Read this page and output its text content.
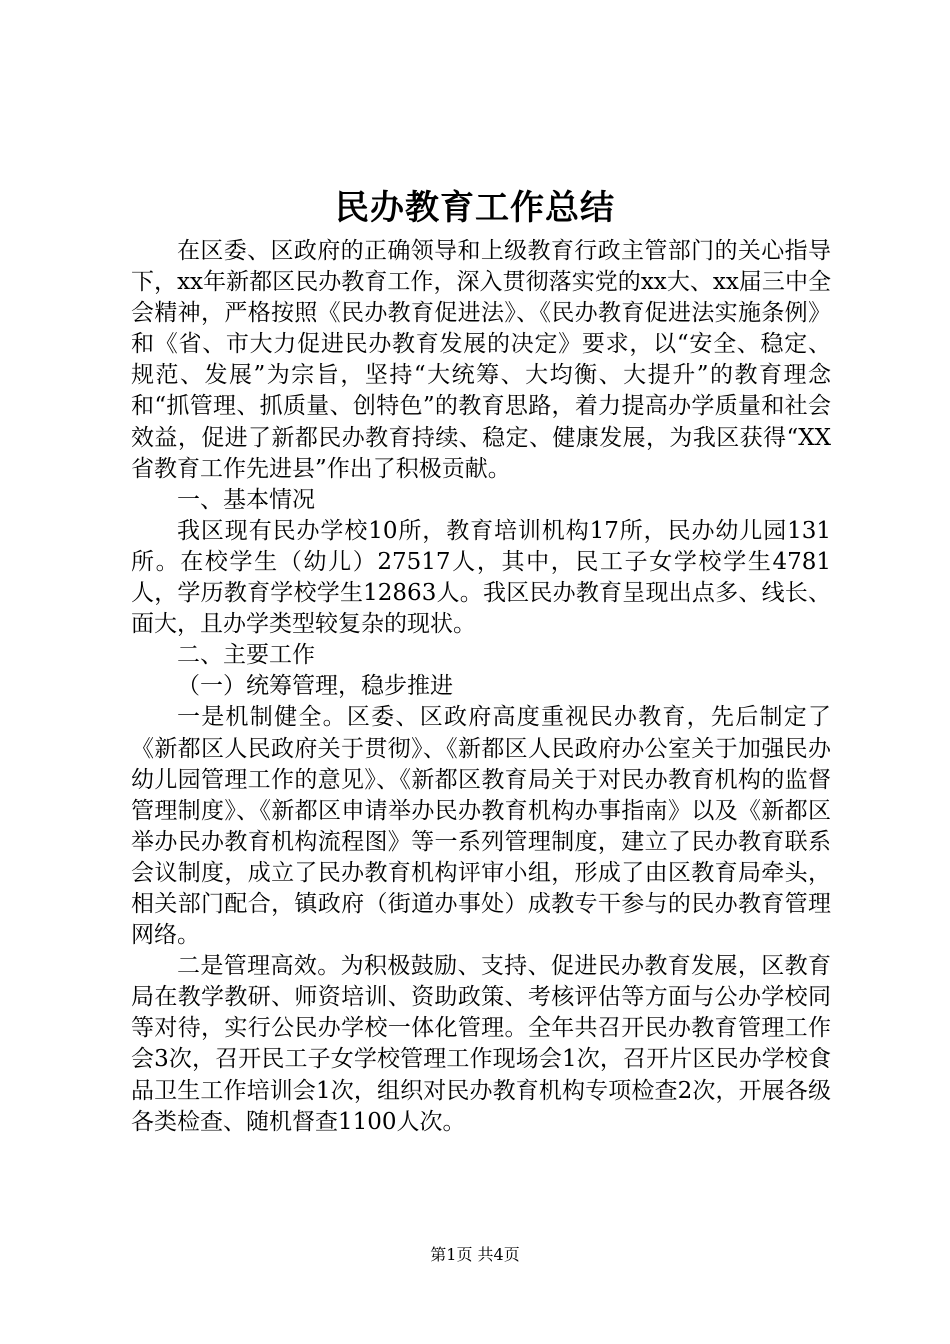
民办教育工作总结

在区委、区政府的正确领导和上级教育行政主管部门的关心指导下，xx年新都区民办教育工作，深入贯彻落实党的xx大、xx届三中全会精神，严格按照《民办教育促进法》、《民办教育促进法实施条例》和《省、市大力促进民办教育发展的决定》要求，以“安全、稳定、规范、发展”为宗旨，坚持“大统筹、大均衡、大提升”的教育理念和“抓管理、抓质量、创特色”的教育思路，着力提高办学质量和社会效益，促进了新都民办教育持续、稳定、健康发展，为我区获得“XX省教育工作先进县”作出了积极贡献。

一、基本情况

我区现有民办学校10所，教育培训机构17所，民办幼儿园131所。在校学生（幼儿）27517人，其中，民工子女学校学生4781人，学历教育学校学生12863人。我区民办教育呈现出点多、线长、面大，且办学类型较复杂的现状。

二、主要工作

（一）统筹管理，稳步推进

一是机制健全。区委、区政府高度重视民办教育，先后制定了《新都区人民政府关于贯彻》、《新都区人民政府办公室关于加强民办幼儿园管理工作的意见》、《新都区教育局关于对民办教育机构的监督管理制度》、《新都区申请举办民办教育机构办事指南》以及《新都区举办民办教育机构流程图》等一系列管理制度，建立了民办教育联系会议制度，成立了民办教育机构评审小组，形成了由区教育局牵头，相关部门配合，镇政府（街道办事处）成教专干参与的民办教育管理网络。

二是管理高效。为积极鼓励、支持、促进民办教育发展，区教育局在教学教研、师资培训、资助政策、考核评估等方面与公办学校同等对待，实行公民办学校一体化管理。全年共召开民办教育管理工作会3次，召开民工子女学校管理工作现场会1次，召开片区民办学校食品卫生工作培训会1次，组织对民办教育机构专项检查2次，开展各级各类检查、随机督查1100人次。

第1页 共4页
